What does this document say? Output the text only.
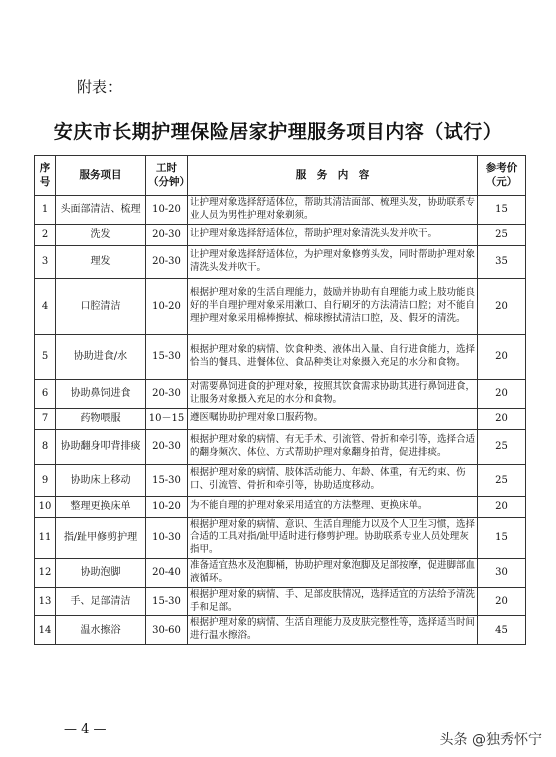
附表：
安庆市长期护理保险居家护理服务项目内容（试行）
序号	服务项目	工时（分钟）	服　务　内　容	参考价（元）
1	头面部清洁、梳理	10-20	让护理对象选择舒适体位，帮助其清洁面部、梳理头发，协助联系专业人员为男性护理对象剃须。	15
2	洗发	20-30	让护理对象选择舒适体位，帮助护理对象清洗头发并吹干。	25
3	理发	20-30	让护理对象选择舒适体位，为护理对象修剪头发，同时帮助护理对象清洗头发并吹干。	35
4	口腔清洁	10-20	根据护理对象的生活自理能力，鼓励并协助有自理能力或上肢功能良好的半自理护理对象采用漱口、自行刷牙的方法清洁口腔；对不能自理护理对象采用棉棒擦拭、棉球擦拭清洁口腔，及、假牙的清洗。	20
5	协助进食/水	15-30	根据护理对象的病情、饮食种类、液体出入量、自行进食能力，选择恰当的餐具、进餐体位、食品种类让对象摄入充足的水分和食物。	20
6	协助鼻饲进食	20-30	对需要鼻饲进食的护理对象，按照其饮食需求协助其进行鼻饲进食，让服务对象摄入充足的水分和食物。	20
7	药物喂服	10－15	遵医嘱协助护理对象口服药物。	20
8	协助翻身叩背排痰	20-30	根据护理对象的病情、有无手术、引流管、骨折和牵引等，选择合适的翻身频次、体位、方式帮助护理对象翻身拍背，促进排痰。	25
9	协助床上移动	15-30	根据护理对象的病情、肢体活动能力、年龄、体重，有无约束、伤口、引流管、骨折和牵引等，协助适度移动。	25
10	整理更换床单	10-20	为不能自理的护理对象采用适宜的方法整理、更换床单。	20
11	指/趾甲修剪护理	10-30	根据护理对象的病情、意识、生活自理能力以及个人卫生习惯，选择合适的工具对指/趾甲适时进行修剪护理。协助联系专业人员处理灰指甲。	15
12	协助泡脚	20-40	准备适宜热水及泡脚桶，协助护理对象泡脚及足部按摩，促进脚部血液循环。	30
13	手、足部清洁	15-30	根据护理对象的病情、手、足部皮肤情况，选择适宜的方法给予清洗手和足部。	20
14	温水擦浴	30-60	根据护理对象的病情、生活自理能力及皮肤完整性等，选择适当时间进行温水擦浴。	45
— 4 —
头条 @独秀怀宁
